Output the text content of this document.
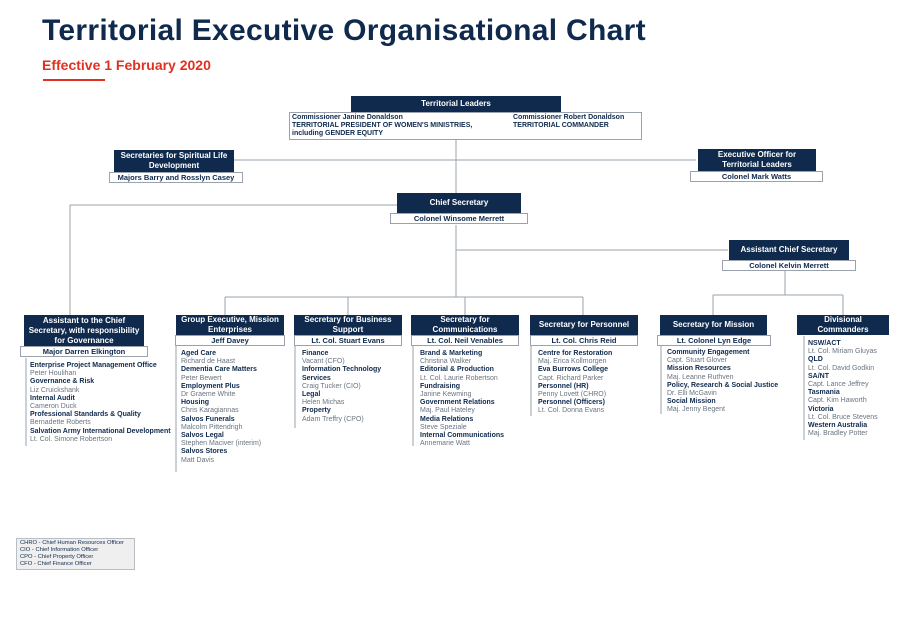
Territorial Executive Organisational Chart
Effective 1 February 2020
Territorial Leaders
Commissioner Janine Donaldson
TERRITORIAL PRESIDENT OF WOMEN'S MINISTRIES,
including GENDER EQUITY
Commissioner Robert Donaldson
TERRITORIAL COMMANDER
Secretaries for Spiritual Life Development
Majors Barry and Rosslyn Casey
Executive Officer for Territorial Leaders
Colonel Mark Watts
Chief Secretary
Colonel Winsome Merrett
Assistant Chief Secretary
Colonel Kelvin Merrett
Assistant to the Chief Secretary, with responsibility for Governance
Major Darren Elkington
Enterprise Project Management Office
Peter Houlihan
Governance & Risk
Liz Cruickshank
Internal Audit
Cameron Duck
Professional Standards & Quality
Bernadette Roberts
Salvation Army International Development
Lt. Col. Simone Robertson
Group Executive, Mission Enterprises
Jeff Davey
Aged Care
Richard de Haast
Dementia Care Matters
Peter Bewert
Employment Plus
Dr Graeme White
Housing
Chris Karagiannas
Salvos Funerals
Malcolm Pittendrigh
Salvos Legal
Stephen Maciver (interim)
Salvos Stores
Matt Davis
Secretary for Business Support
Lt. Col. Stuart Evans
Finance
Vacant (CFO)
Information Technology
Services
Craig Tucker (CIO)
Legal
Helen Michas
Property
Adam Treffry (CPO)
Secretary for Communications
Lt. Col. Neil Venables
Brand & Marketing
Christina Walker
Editorial & Production
Lt. Col. Laurie Robertson
Fundraising
Janine Kewming
Government Relations
Maj. Paul Hateley
Media Relations
Steve Speziale
Internal Communications
Annemarie Watt
Secretary for Personnel
Lt. Col. Chris Reid
Centre for Restoration
Maj. Erica Kollmorgen
Eva Burrows College
Capt. Richard Parker
Personnel (HR)
Penny Lovett (CHRO)
Personnel (Officers)
Lt. Col. Donna Evans
Secretary for Mission
Lt. Colonel Lyn Edge
Community Engagement
Capt. Stuart Glover
Mission Resources
Maj. Leanne Ruthven
Policy, Research & Social Justice
Dr. Elli McGavin
Social Mission
Maj. Jenny Begent
Divisional Commanders
NSW/ACT
Lt. Col. Miriam Gluyas
QLD
Lt. Col. David Godkin
SA/NT
Capt. Lance Jeffrey
Tasmania
Capt. Kim Haworth
Victoria
Lt. Col. Bruce Stevens
Western Australia
Maj. Bradley Potter
CHRO - Chief Human Resources Officer
CIO - Chief Information Officer
CPO - Chief Property Officer
CFO - Chief Finance Officer
